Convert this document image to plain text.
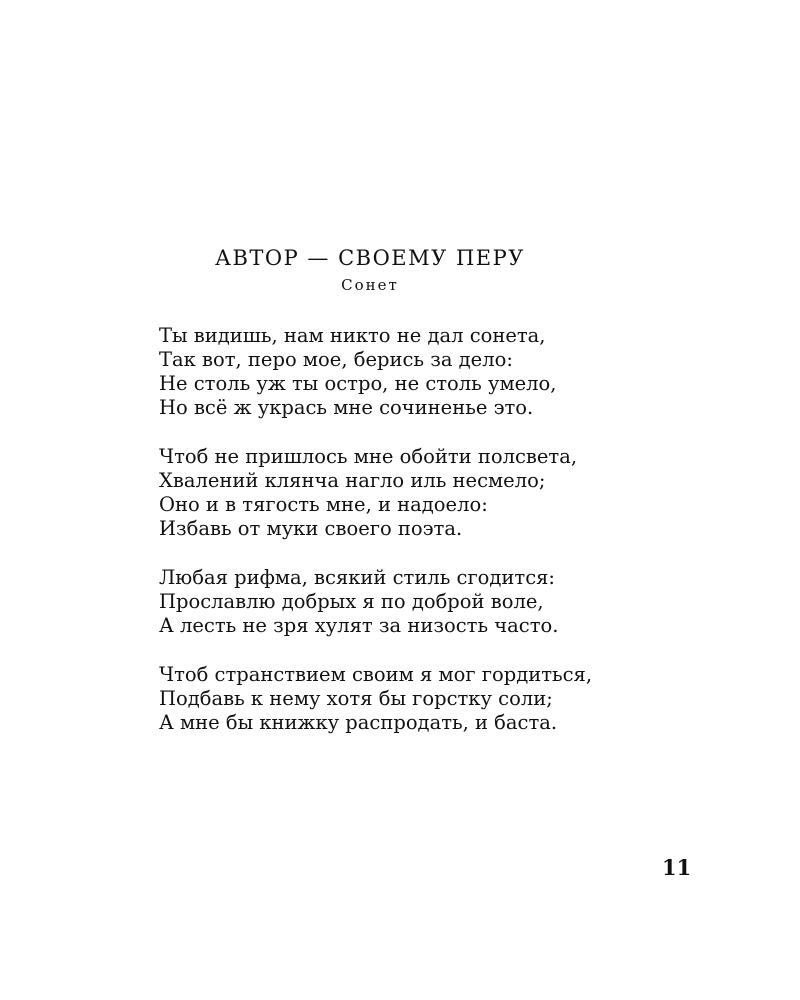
АВТОР — СВОЕМУ ПЕРУ
Сонет
Ты видишь, нам никто не дал сонета,
Так вот, перо мое, берись за дело:
Не столь уж ты остро, не столь умело,
Но всё ж укрась мне сочиненье это.
Чтоб не пришлось мне обойти полсвета,
Хвалений клянча нагло иль несмело;
Оно и в тягость мне, и надоело:
Избавь от муки своего поэта.
Любая рифма, всякий стиль сгодится:
Прославлю добрых я по доброй воле,
А лесть не зря хулят за низость часто.
Чтоб странствием своим я мог гордиться,
Подбавь к нему хотя бы горстку соли;
А мне бы книжку распродать, и баста.
11
